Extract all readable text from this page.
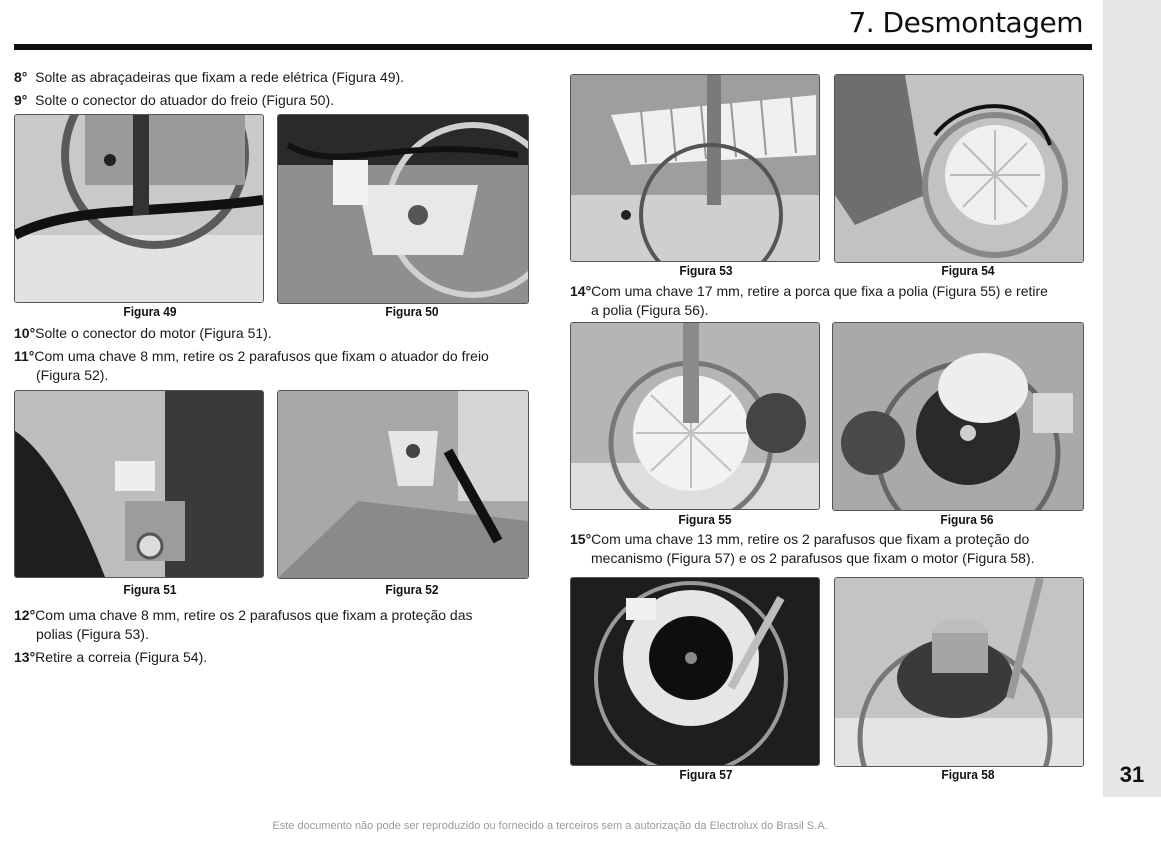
31
7. Desmontagem
8° Solte as abraçadeiras que fixam a rede elétrica (Figura 49).
9° Solte o conector do atuador do freio (Figura 50).
Figura 49	Figura 50
10°Solte o conector do motor (Figura 51).
11°Com uma chave 8 mm, retire os 2 parafusos que fixam o atuador do freio
(Figura 52).
Figura 51	Figura 52
12°Com uma chave 8 mm, retire os 2 parafusos que fixam a proteção das
polias (Figura 53).
13°Retire a correia (Figura 54).
Figura 53	Figura 54
14°Com uma chave 17 mm, retire a porca que fixa a polia (Figura 55) e retire
a polia (Figura 56).
Figura 55	Figura 56
15°Com uma chave 13 mm, retire os 2 parafusos que fixam a proteção do
mecanismo (Figura 57) e os 2 parafusos que fixam o motor (Figura 58).
Figura 57	Figura 58
Este documento não pode ser reproduzido ou fornecido a terceiros sem a autorização da Electrolux do Brasil S.A.
